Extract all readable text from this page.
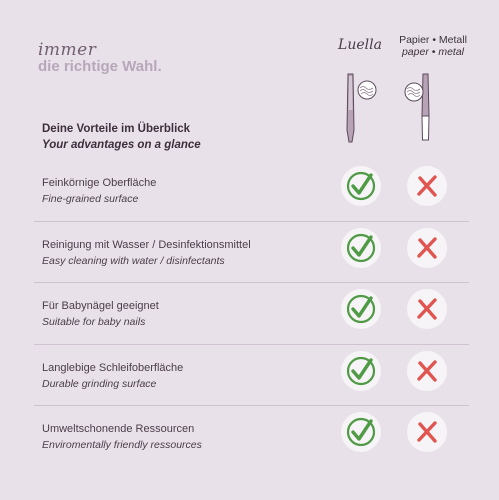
immer
die richtige Wahl.
Luella	Papier • Metall
paper • metal
Deine Vorteile im Überblick
Your advantages on a glance
Feinkörnige Oberfläche
Fine-grained surface
Reinigung mit Wasser / Desinfektionsmittel
Easy cleaning with water / disinfectants
Für Babynägel geeignet
Suitable for baby nails
Langlebige Schleifoberfläche
Durable grinding surface
Umweltschonende Ressourcen
Enviromentally friendly ressources
